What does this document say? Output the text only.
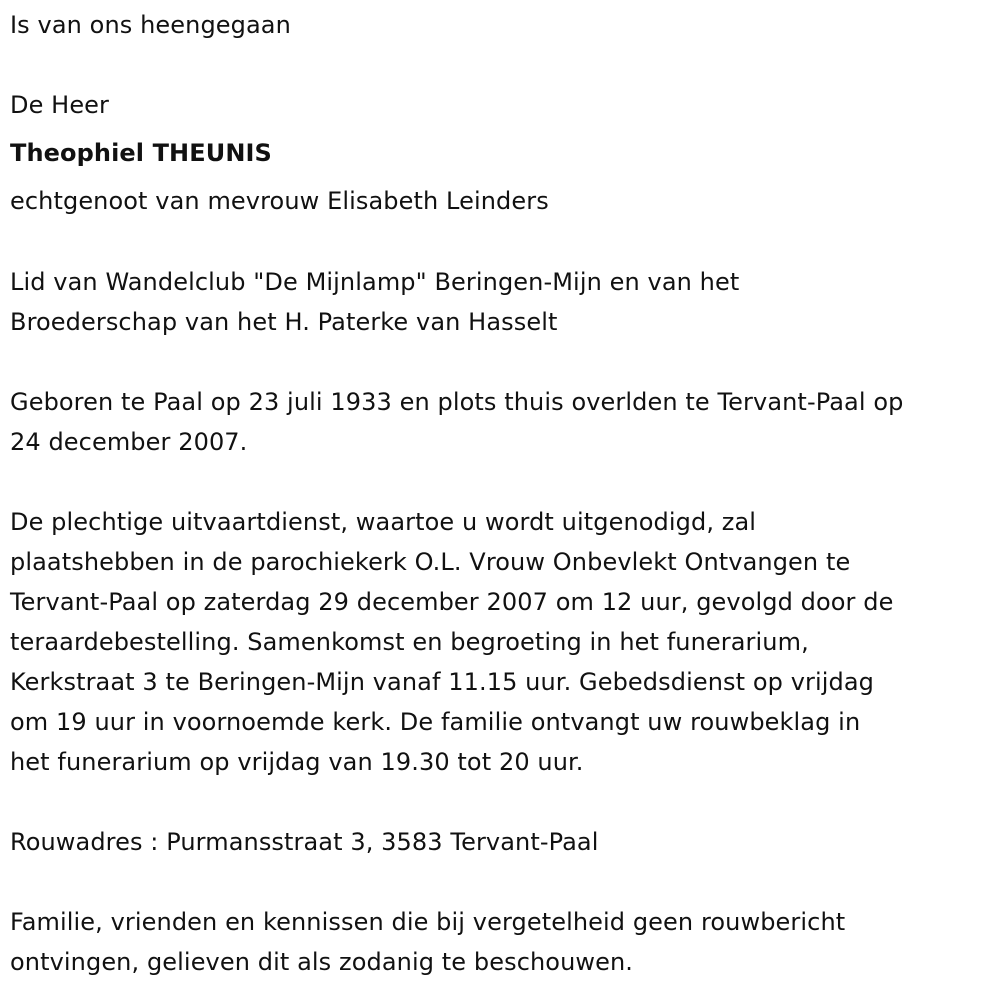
Is van ons heengegaan
De Heer
Theophiel THEUNIS
echtgenoot van mevrouw Elisabeth Leinders
Lid van Wandelclub "De Mijnlamp" Beringen-Mijn en van het
Broederschap van het H. Paterke van Hasselt
Geboren te Paal op 23 juli 1933 en plots thuis overlden te Tervant-Paal op
24 december 2007.
De plechtige uitvaartdienst, waartoe u wordt uitgenodigd, zal
plaatshebben in de parochiekerk O.L. Vrouw Onbevlekt Ontvangen te
Tervant-Paal op zaterdag 29 december 2007 om 12 uur, gevolgd door de
teraardebestelling. Samenkomst en begroeting in het funerarium,
Kerkstraat 3 te Beringen-Mijn vanaf 11.15 uur. Gebedsdienst op vrijdag
om 19 uur in voornoemde kerk. De familie ontvangt uw rouwbeklag in
het funerarium op vrijdag van 19.30 tot 20 uur.
Rouwadres : Purmansstraat 3, 3583 Tervant-Paal
Familie, vrienden en kennissen die bij vergetelheid geen rouwbericht
ontvingen, gelieven dit als zodanig te beschouwen.
